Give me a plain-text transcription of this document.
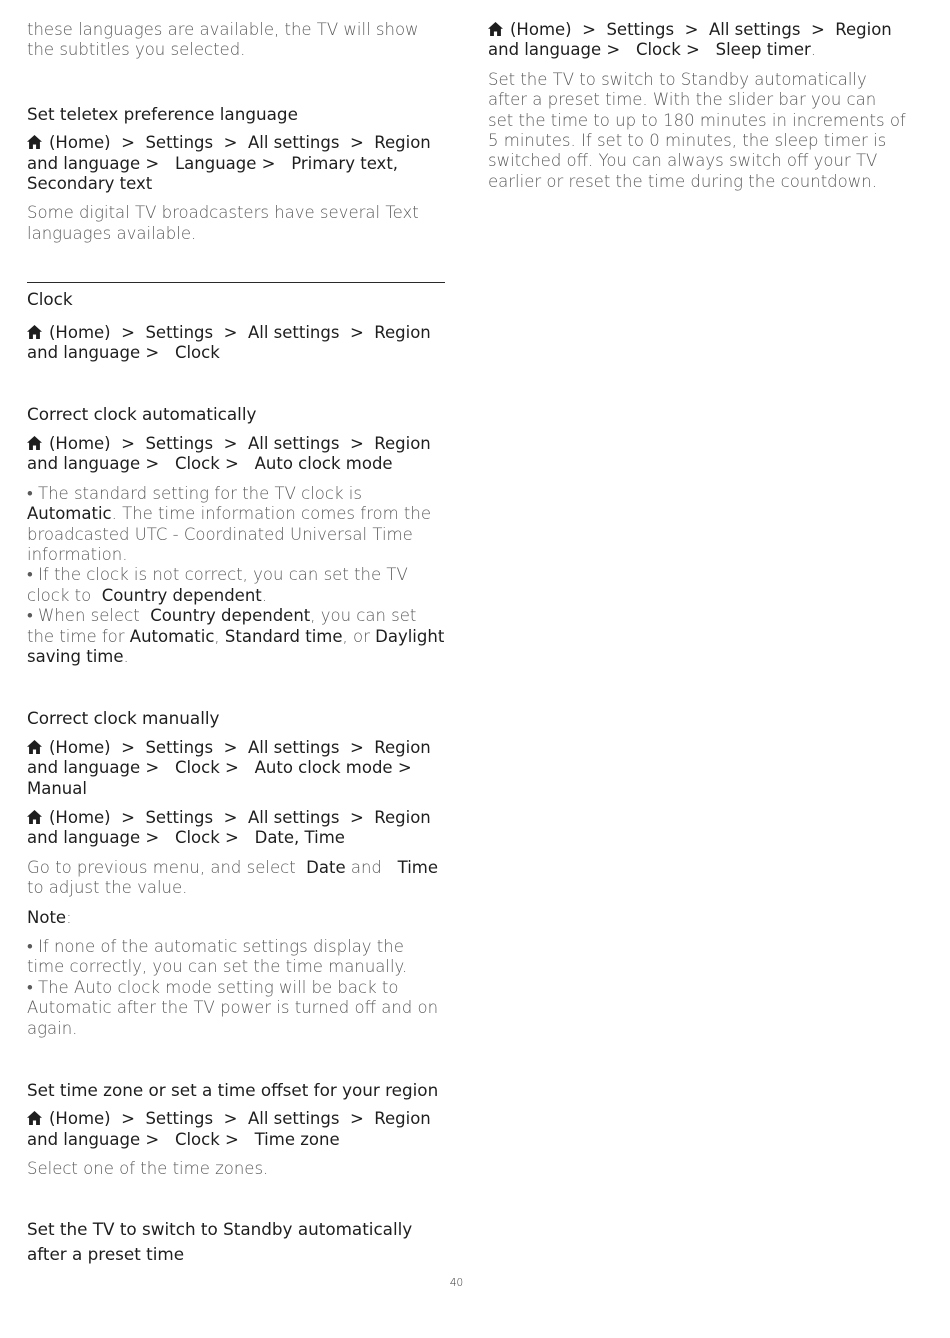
these languages are available, the TV will show the subtitles you selected.

Set teletex preference language

(Home) > Settings > All settings > Region and language > Language > Primary text,  Secondary text

Some digital TV broadcasters have several Text languages available.

Clock

(Home) > Settings > All settings > Region and language > Clock

Correct clock automatically

(Home) > Settings > All settings > Region and language > Clock > Auto clock mode

• The standard setting for the TV clock is  Automatic. The time information comes from the broadcasted UTC - Coordinated Universal Time information.
• If the clock is not correct, you can set the TV clock to Country dependent.
• When select Country dependent, you can set the time for Automatic, Standard time, or Daylight saving time.

Correct clock manually

(Home) > Settings > All settings > Region and language > Clock > Auto clock mode >   Manual

(Home) > Settings > All settings > Region and language > Clock > Date, Time

Go to previous menu, and select Date and Time to adjust the value.

Note:

• If none of the automatic settings display the time correctly, you can set the time manually.
• The Auto clock mode setting will be back to Automatic after the TV power is turned off and on again.

Set time zone or set a time offset for your region

(Home) > Settings > All settings > Region and language > Clock > Time zone

Select one of the time zones.

Set the TV to switch to Standby automatically after a preset time

(Home) > Settings > All settings > Region and language > Clock > Sleep timer.

Set the TV to switch to Standby automatically after a preset time. With the slider bar you can set the time to up to 180 minutes in increments of 5 minutes. If set to 0 minutes, the sleep timer is switched off. You can always switch off your TV earlier or reset the time during the countdown.

40
